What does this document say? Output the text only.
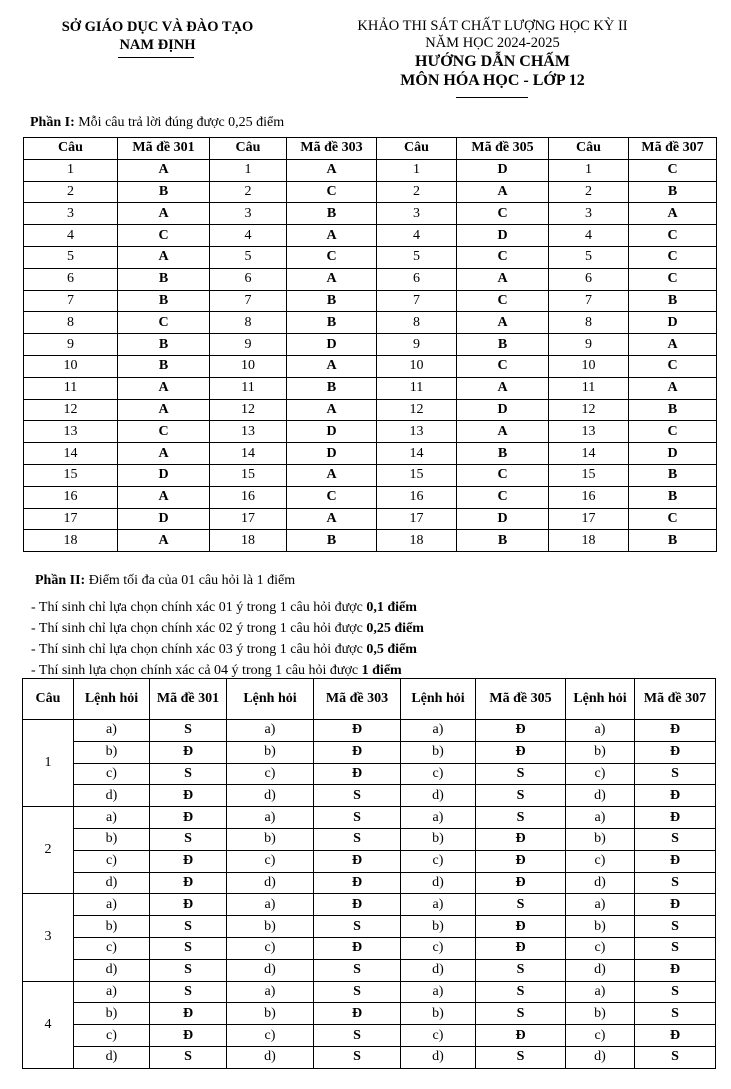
SỞ GIÁO DỤC VÀ ĐÀO TẠO
NAM ĐỊNH
KHẢO THI SÁT CHẤT LƯỢNG HỌC KỲ II
NĂM HỌC 2024-2025
HƯỚNG DẪN CHẤM
MÔN HÓA HỌC - LỚP 12
Phần I: Mỗi câu trả lời đúng được 0,25 điểm
Câu	Mã đề 301	Câu	Mã đề 303	Câu	Mã đề 305	Câu	Mã đề 307
1	A	1	A	1	D	1	C
2	B	2	C	2	A	2	B
3	A	3	B	3	C	3	A
4	C	4	A	4	D	4	C
5	A	5	C	5	C	5	C
6	B	6	A	6	A	6	C
7	B	7	B	7	C	7	B
8	C	8	B	8	A	8	D
9	B	9	D	9	B	9	A
10	B	10	A	10	C	10	C
11	A	11	B	11	A	11	A
12	A	12	A	12	D	12	B
13	C	13	D	13	A	13	C
14	A	14	D	14	B	14	D
15	D	15	A	15	C	15	B
16	A	16	C	16	C	16	B
17	D	17	A	17	D	17	C
18	A	18	B	18	B	18	B
Phần II: Điểm tối đa của 01 câu hỏi là 1 điểm
- Thí sinh chỉ lựa chọn chính xác 01 ý trong 1 câu hỏi được 0,1 điểm
- Thí sinh chỉ lựa chọn chính xác 02 ý trong 1 câu hỏi được 0,25 điểm
- Thí sinh chỉ lựa chọn chính xác 03 ý trong 1 câu hỏi được 0,5 điểm
- Thí sinh lựa chọn chính xác cả 04 ý trong 1 câu hỏi được 1 điểm
Câu	Lệnh hỏi	Mã đề 301	Lệnh hỏi	Mã đề 303	Lệnh hỏi	Mã đề 305	Lệnh hỏi	Mã đề 307
1	a)	S	a)	Đ	a)	Đ	a)	Đ
	b)	Đ	b)	Đ	b)	Đ	b)	Đ
	c)	S	c)	Đ	c)	S	c)	S
	d)	Đ	d)	S	d)	S	d)	Đ
2	a)	Đ	a)	S	a)	S	a)	Đ
	b)	S	b)	S	b)	Đ	b)	S
	c)	Đ	c)	Đ	c)	Đ	c)	Đ
	d)	Đ	d)	Đ	d)	Đ	d)	S
3	a)	Đ	a)	Đ	a)	S	a)	Đ
	b)	S	b)	S	b)	Đ	b)	S
	c)	S	c)	Đ	c)	Đ	c)	S
	d)	S	d)	S	d)	S	d)	Đ
4	a)	S	a)	S	a)	S	a)	S
	b)	Đ	b)	Đ	b)	S	b)	S
	c)	Đ	c)	S	c)	Đ	c)	Đ
	d)	S	d)	S	d)	S	d)	S
